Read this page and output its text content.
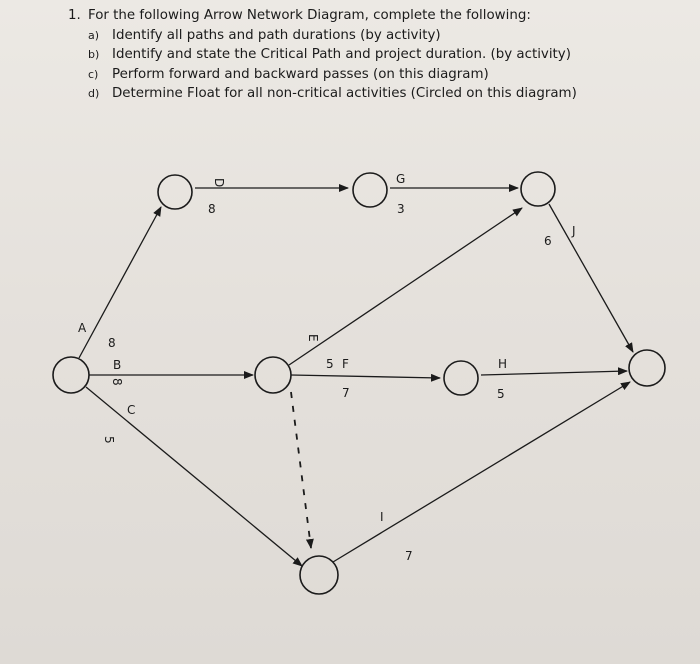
1. For the following Arrow Network Diagram, complete the following:
a) Identify all paths and path durations (by activity)
b) Identify and state the Critical Path and project duration. (by activity)
c)	Perform forward and backward passes (on this diagram)
d) Determine Float for all non-critical activities (Circled on this diagram)
A
B
C
D
E
F
G
H
I
J
8
8
5
8
5
7
3
5
7
6
